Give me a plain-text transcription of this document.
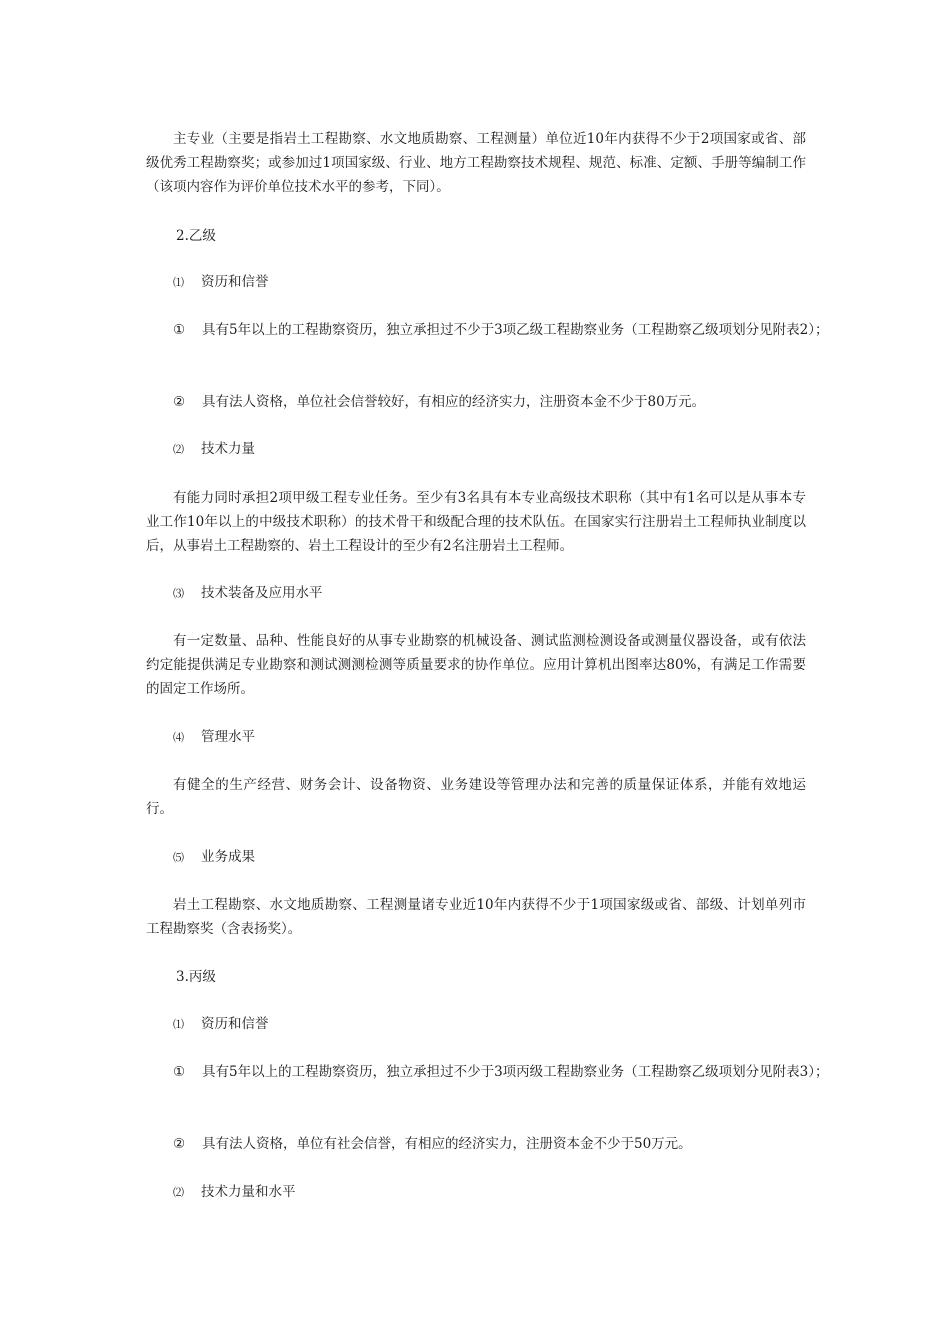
主专业（主要是指岩土工程勘察、水文地质勘察、工程测量）单位近10年内获得不少于2项国家或省、部级优秀工程勘察奖；或参加过1项国家级、行业、地方工程勘察技术规程、规范、标准、定额、手册等编制工作（该项内容作为评价单位技术水平的参考，下同）。

2.乙级

⑴ 资历和信誉

① 具有5年以上的工程勘察资历，独立承担过不少于3项乙级工程勘察业务（工程勘察乙级项划分见附表2）；

② 具有法人资格，单位社会信誉较好，有相应的经济实力，注册资本金不少于80万元。

⑵ 技术力量

有能力同时承担2项甲级工程专业任务。至少有3名具有本专业高级技术职称（其中有1名可以是从事本专业工作10年以上的中级技术职称）的技术骨干和级配合理的技术队伍。在国家实行注册岩土工程师执业制度以后，从事岩土工程勘察的、岩土工程设计的至少有2名注册岩土工程师。

⑶ 技术装备及应用水平

有一定数量、品种、性能良好的从事专业勘察的机械设备、测试监测检测设备或测量仪器设备，或有依法约定能提供满足专业勘察和测试测测检测等质量要求的协作单位。应用计算机出图率达80%，有满足工作需要的固定工作场所。

⑷ 管理水平

有健全的生产经营、财务会计、设备物资、业务建设等管理办法和完善的质量保证体系，并能有效地运行。

⑸ 业务成果

岩土工程勘察、水文地质勘察、工程测量诸专业近10年内获得不少于1项国家级或省、部级、计划单列市工程勘察奖（含表扬奖）。

3.丙级

⑴ 资历和信誉

① 具有5年以上的工程勘察资历，独立承担过不少于3项丙级工程勘察业务（工程勘察乙级项划分见附表3）；

② 具有法人资格，单位有社会信誉，有相应的经济实力，注册资本金不少于50万元。

⑵ 技术力量和水平
